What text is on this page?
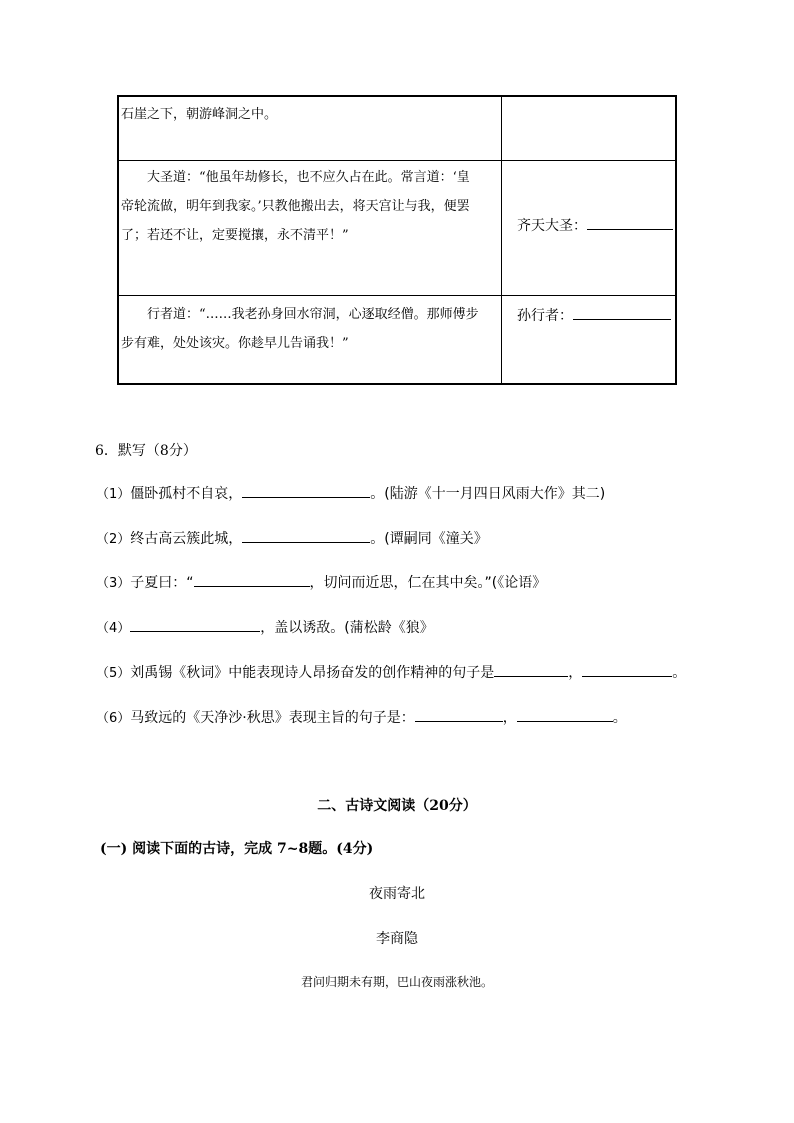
石崖之下，朝游峰洞之中。
大圣道：“他虽年劫修长，也不应久占在此。常言道：‘皇
帝轮流做，明年到我家。’只教他搬出去，将天宫让与我，便罢
了；若还不让，定要搅攘，永不清平！”
齐天大圣：
行者道：“……我老孙身回水帘洞，心逐取经僧。那师傅步
步有难，处处该灾。你趁早儿告诵我！”
孙行者：
6．默写（8分）
（1）僵卧孤村不自哀，	。(陆游《十一月四日风雨大作》其二)
（2）终古高云簇此城，	。(谭嗣同《潼关》
（3）子夏曰：“	，切问而近思，仁在其中矣。”(《论语》
（4）	，盖以诱敌。(蒲松龄《狼》
（5）刘禹锡《秋词》中能表现诗人昂扬奋发的创作精神的句子是	，	。
（6）马致远的《天净沙·秋思》表现主旨的句子是：	，	。
二、古诗文阅读（20分）
(一) 阅读下面的古诗，完成 7~8题。(4分)
夜雨寄北
李商隐
君问归期未有期，巴山夜雨涨秋池。
